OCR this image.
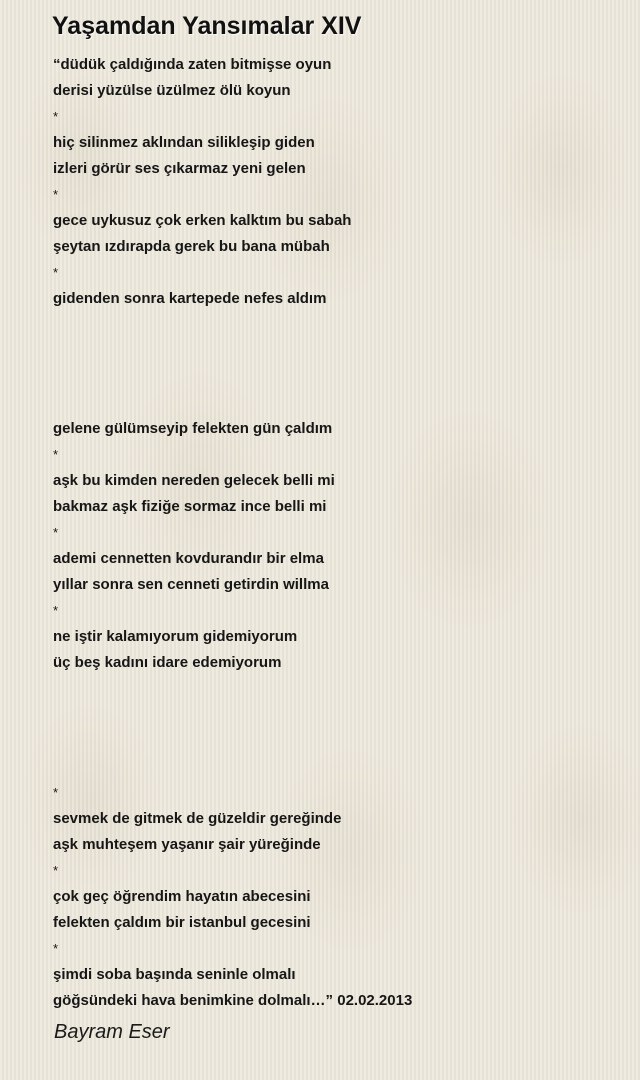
Yaşamdan Yansımalar XIV
“düdük çaldığında zaten bitmişse oyun
derisi yüzülse üzülmez ölü koyun
*
hiç silinmez aklından silikleşip giden
izleri görür ses çıkarmaz yeni gelen
*
gece uykusuz çok erken kalktım bu sabah
şeytan ızdırapda gerek bu bana mübah
*
gidenden sonra kartepede nefes aldım
gelene gülümseyip felekten gün çaldım
*
aşk bu kimden nereden gelecek belli mi
bakmaz aşk fiziğe sormaz ince belli mi
*
ademi cennetten kovdurandır bir elma
yıllar sonra sen cenneti getirdin willma
*
ne iştir kalamıyorum gidemiyorum
üç beş kadını idare edemiyorum
*
sevmek de gitmek de güzeldir gereğinde
aşk muhteşem yaşanır şair yüreğinde
*
çok geç öğrendim hayatın abecesini
felekten çaldım bir istanbul gecesini
*
şimdi soba başında seninle olmalı
göğsündeki hava benimkine dolmalı…” 02.02.2013
Bayram Eser
